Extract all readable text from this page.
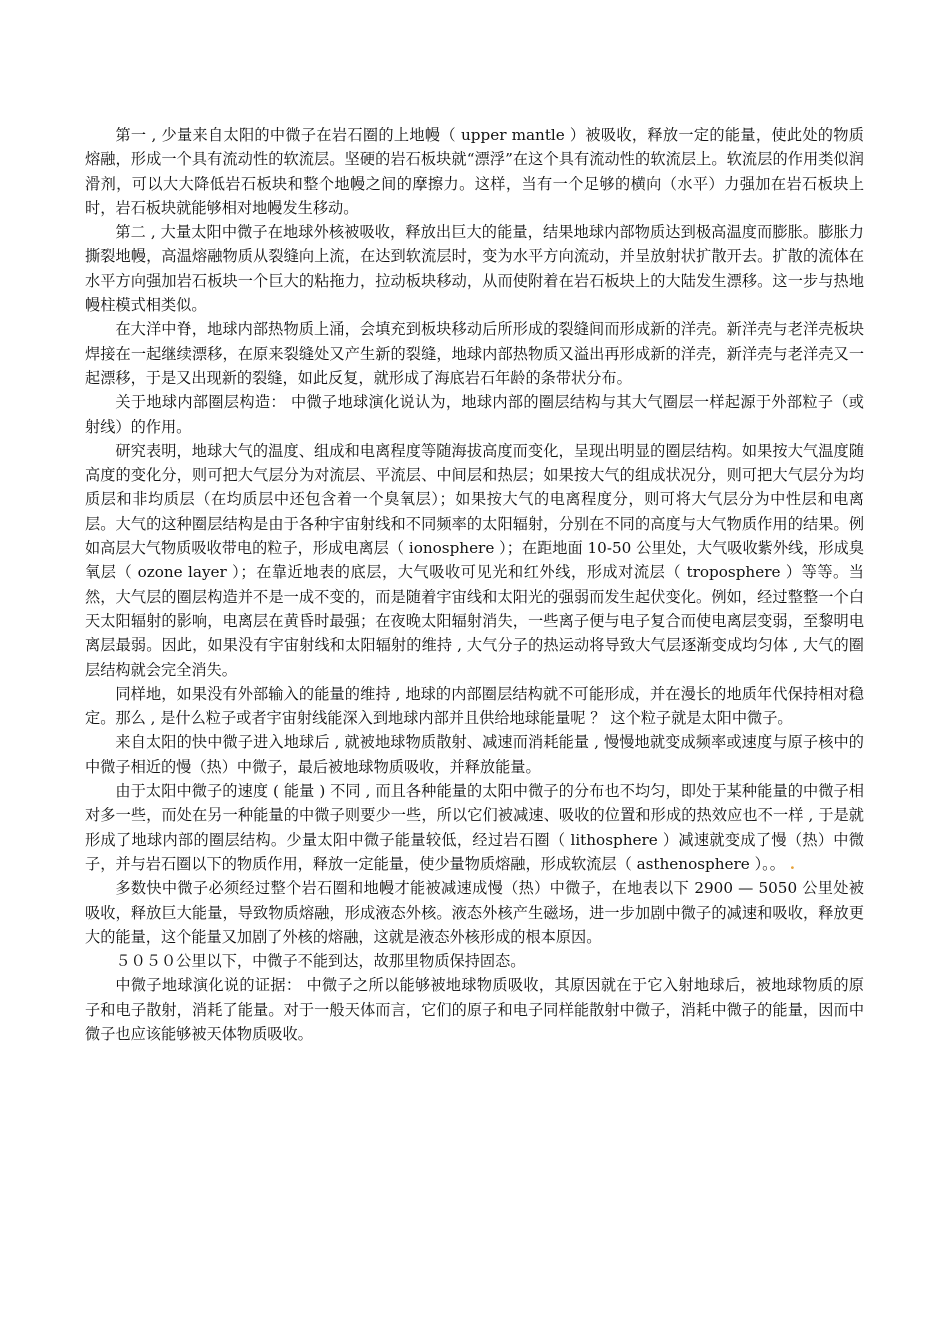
第一 , 少量来自太阳的中微子在岩石圈的上地幔（ upper mantle ）被吸收，释放一定的能量，使此处的物质熔融，形成一个具有流动性的软流层。坚硬的岩石板块就“漂浮”在这个具有流动性的软流层上。软流层的作用类似润滑剂，可以大大降低岩石板块和整个地幔之间的摩擦力。这样，当有一个足够的横向（水平）力强加在岩石板块上时，岩石板块就能够相对地幔发生移动。

第二 , 大量太阳中微子在地球外核被吸收，释放出巨大的能量，结果地球内部物质达到极高温度而膨胀。膨胀力撕裂地幔，高温熔融物质从裂缝向上流，在达到软流层时，变为水平方向流动，并呈放射状扩散开去。扩散的流体在水平方向强加岩石板块一个巨大的粘拖力，拉动板块移动，从而使附着在岩石板块上的大陆发生漂移。这一步与热地幔柱模式相类似。

在大洋中脊，地球内部热物质上涌，会填充到板块移动后所形成的裂缝间而形成新的洋壳。新洋壳与老洋壳板块焊接在一起继续漂移，在原来裂缝处又产生新的裂缝，地球内部热物质又溢出再形成新的洋壳，新洋壳与老洋壳又一起漂移，于是又出现新的裂缝，如此反复，就形成了海底岩石年龄的条带状分布。

关于地球内部圈层构造： 中微子地球演化说认为，地球内部的圈层结构与其大气圈层一样起源于外部粒子（或射线）的作用。

研究表明，地球大气的温度、组成和电离程度等随海拔高度而变化，呈现出明显的圈层结构。如果按大气温度随高度的变化分，则可把大气层分为对流层、平流层、中间层和热层；如果按大气的组成状况分，则可把大气层分为均质层和非均质层（在均质层中还包含着一个臭氧层）；如果按大气的电离程度分，则可将大气层分为中性层和电离层。大气的这种圈层结构是由于各种宇宙射线和不同频率的太阳辐射，分别在不同的高度与大气物质作用的结果。例如高层大气物质吸收带电的粒子，形成电离层（ ionosphere ）；在距地面 10-50 公里处，大气吸收紫外线，形成臭氧层（ ozone layer ）；在靠近地表的底层，大气吸收可见光和红外线，形成对流层（ troposphere ）等等。当然，大气层的圈层构造并不是一成不变的，而是随着宇宙线和太阳光的强弱而发生起伏变化。例如，经过整整一个白天太阳辐射的影响，电离层在黄昏时最强；在夜晚太阳辐射消失，一些离子便与电子复合而使电离层变弱，至黎明电离层最弱。因此，如果没有宇宙射线和太阳辐射的维持 , 大气分子的热运动将导致大气层逐渐变成均匀体 , 大气的圈层结构就会完全消失。

同样地，如果没有外部输入的能量的维持 , 地球的内部圈层结构就不可能形成，并在漫长的地质年代保持相对稳定。那么 , 是什么粒子或者宇宙射线能深入到地球内部并且供给地球能量呢 ？ 这个粒子就是太阳中微子。

来自太阳的快中微子进入地球后 , 就被地球物质散射、减速而消耗能量 , 慢慢地就变成频率或速度与原子核中的中微子相近的慢（热）中微子，最后被地球物质吸收，并释放能量。

由于太阳中微子的速度 ( 能量 ) 不同 , 而且各种能量的太阳中微子的分布也不均匀，即处于某种能量的中微子相对多一些，而处在另一种能量的中微子则要少一些，所以它们被减速、吸收的位置和形成的热效应也不一样 , 于是就形成了地球内部的圈层结构。少量太阳中微子能量较低，经过岩石圈（ lithosphere ）减速就变成了慢（热）中微子，并与岩石圈以下的物质作用，释放一定能量，使少量物质熔融，形成软流层（ asthenosphere ）。。 .

多数快中微子必须经过整个岩石圈和地幔才能被减速成慢（热）中微子，在地表以下 2900 — 5050 公里处被吸收，释放巨大能量，导致物质熔融，形成液态外核。液态外核产生磁场，进一步加剧中微子的减速和吸收，释放更大的能量，这个能量又加剧了外核的熔融，这就是液态外核形成的根本原因。

５０５０公里以下，中微子不能到达，故那里物质保持固态。

中微子地球演化说的证据： 中微子之所以能够被地球物质吸收，其原因就在于它入射地球后，被地球物质的原子和电子散射，消耗了能量。对于一般天体而言，它们的原子和电子同样能散射中微子，消耗中微子的能量，因而中微子也应该能够被天体物质吸收。
